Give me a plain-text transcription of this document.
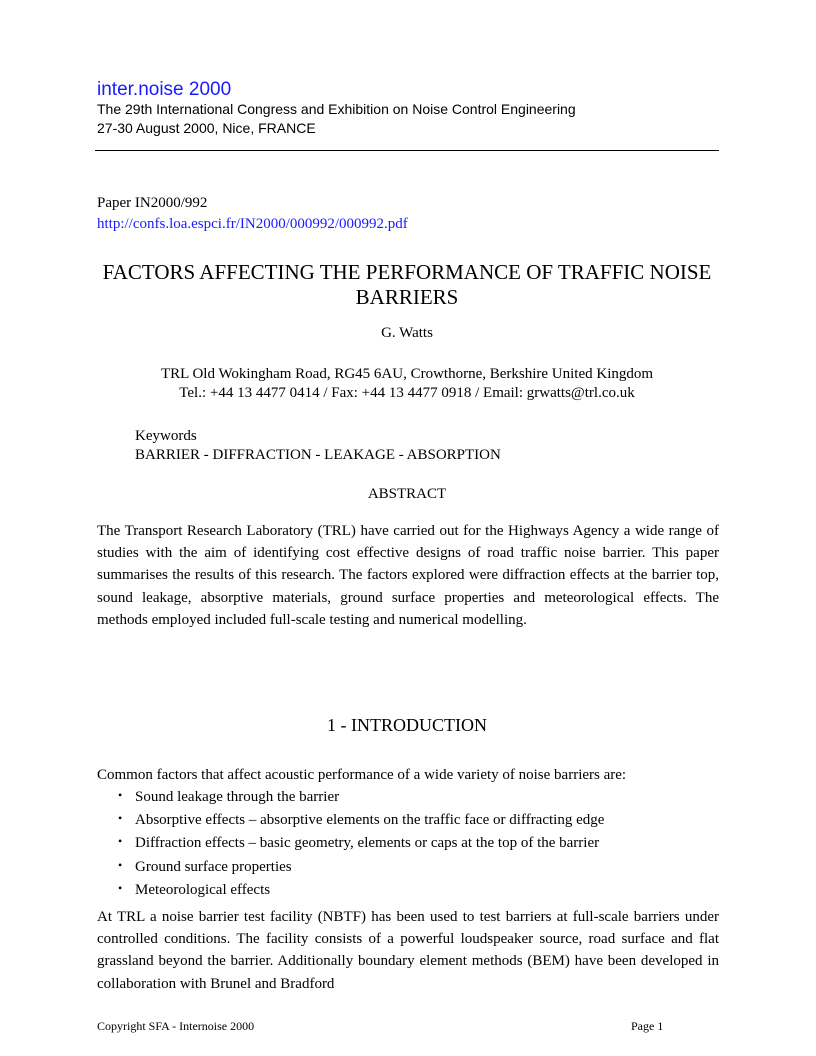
inter.noise 2000
The 29th International Congress and Exhibition on Noise Control Engineering
27-30 August 2000, Nice, FRANCE
Paper IN2000/992
http://confs.loa.espci.fr/IN2000/000992/000992.pdf
FACTORS AFFECTING THE PERFORMANCE OF TRAFFIC NOISE BARRIERS
G. Watts
TRL Old Wokingham Road, RG45 6AU, Crowthorne, Berkshire United Kingdom
Tel.: +44 13 4477 0414 / Fax: +44 13 4477 0918 / Email: grwatts@trl.co.uk
Keywords
BARRIER - DIFFRACTION - LEAKAGE - ABSORPTION
ABSTRACT
The Transport Research Laboratory (TRL) have carried out for the Highways Agency a wide range of studies with the aim of identifying cost effective designs of road traffic noise barrier. This paper summarises the results of this research. The factors explored were diffraction effects at the barrier top, sound leakage, absorptive materials, ground surface properties and meteorological effects. The methods employed included full-scale testing and numerical modelling.
1 - INTRODUCTION
Common factors that affect acoustic performance of a wide variety of noise barriers are:
• Sound leakage through the barrier
• Absorptive effects – absorptive elements on the traffic face or diffracting edge
• Diffraction effects – basic geometry, elements or caps at the top of the barrier
• Ground surface properties
• Meteorological effects
At TRL a noise barrier test facility (NBTF) has been used to test barriers at full-scale barriers under controlled conditions. The facility consists of a powerful loudspeaker source, road surface and flat grassland beyond the barrier. Additionally boundary element methods (BEM) have been developed in collaboration with Brunel and Bradford
Copyright SFA - Internoise 2000	Page 1
